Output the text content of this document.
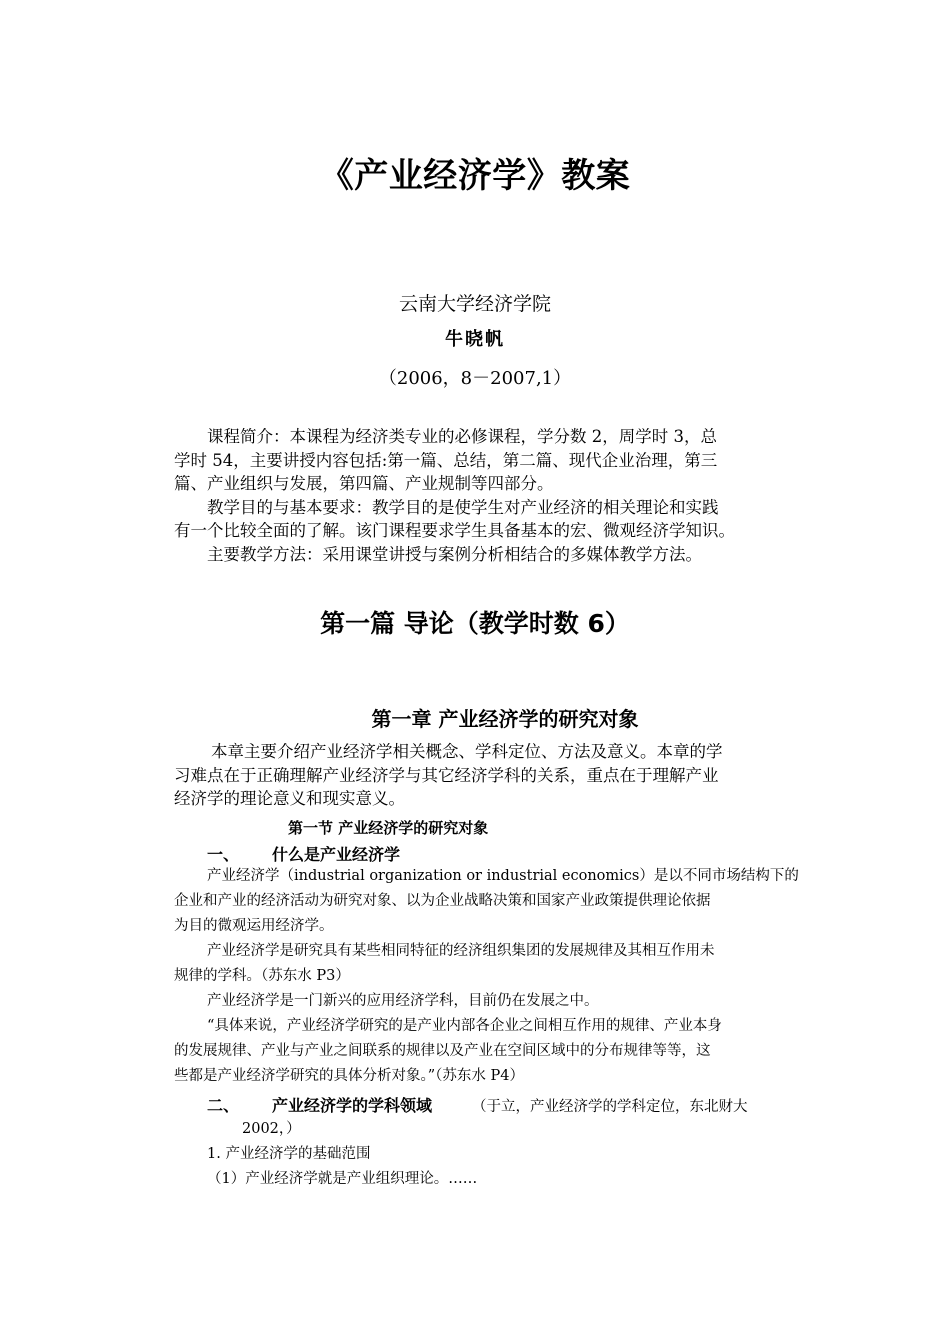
《产业经济学》教案
云南大学经济学院
牛晓帆
（2006，8－2007,1）
课程简介：本课程为经济类专业的必修课程，学分数 2，周学时 3，总
学时 54，主要讲授内容包括:第一篇、总结，第二篇、现代企业治理，第三
篇、产业组织与发展，第四篇、产业规制等四部分。
教学目的与基本要求：教学目的是使学生对产业经济的相关理论和实践
有一个比较全面的了解。该门课程要求学生具备基本的宏、微观经济学知识。
主要教学方法：采用课堂讲授与案例分析相结合的多媒体教学方法。
第一篇 导论（教学时数 6）
第一章 产业经济学的研究对象
本章主要介绍产业经济学相关概念、学科定位、方法及意义。本章的学
习难点在于正确理解产业经济学与其它经济学科的关系，重点在于理解产业
经济学的理论意义和现实意义。
第一节 产业经济学的研究对象
一、 什么是产业经济学
产业经济学（industrial organization or industrial economics）是以不同市场结构下的
企业和产业的经济活动为研究对象、以为企业战略决策和国家产业政策提供理论依据
为目的微观运用经济学。
产业经济学是研究具有某些相同特征的经济组织集团的发展规律及其相互作用未
规律的学科。（苏东水 P3）
产业经济学是一门新兴的应用经济学科，目前仍在发展之中。
“具体来说，产业经济学研究的是产业内部各企业之间相互作用的规律、产业本身
的发展规律、产业与产业之间联系的规律以及产业在空间区域中的分布规律等等，这
些都是产业经济学研究的具体分析对象。”（苏东水 P4）
二、 产业经济学的学科领域	（于立，产业经济学的学科定位，东北财大
2002，）
1. 产业经济学的基础范围
（1）产业经济学就是产业组织理论。……
